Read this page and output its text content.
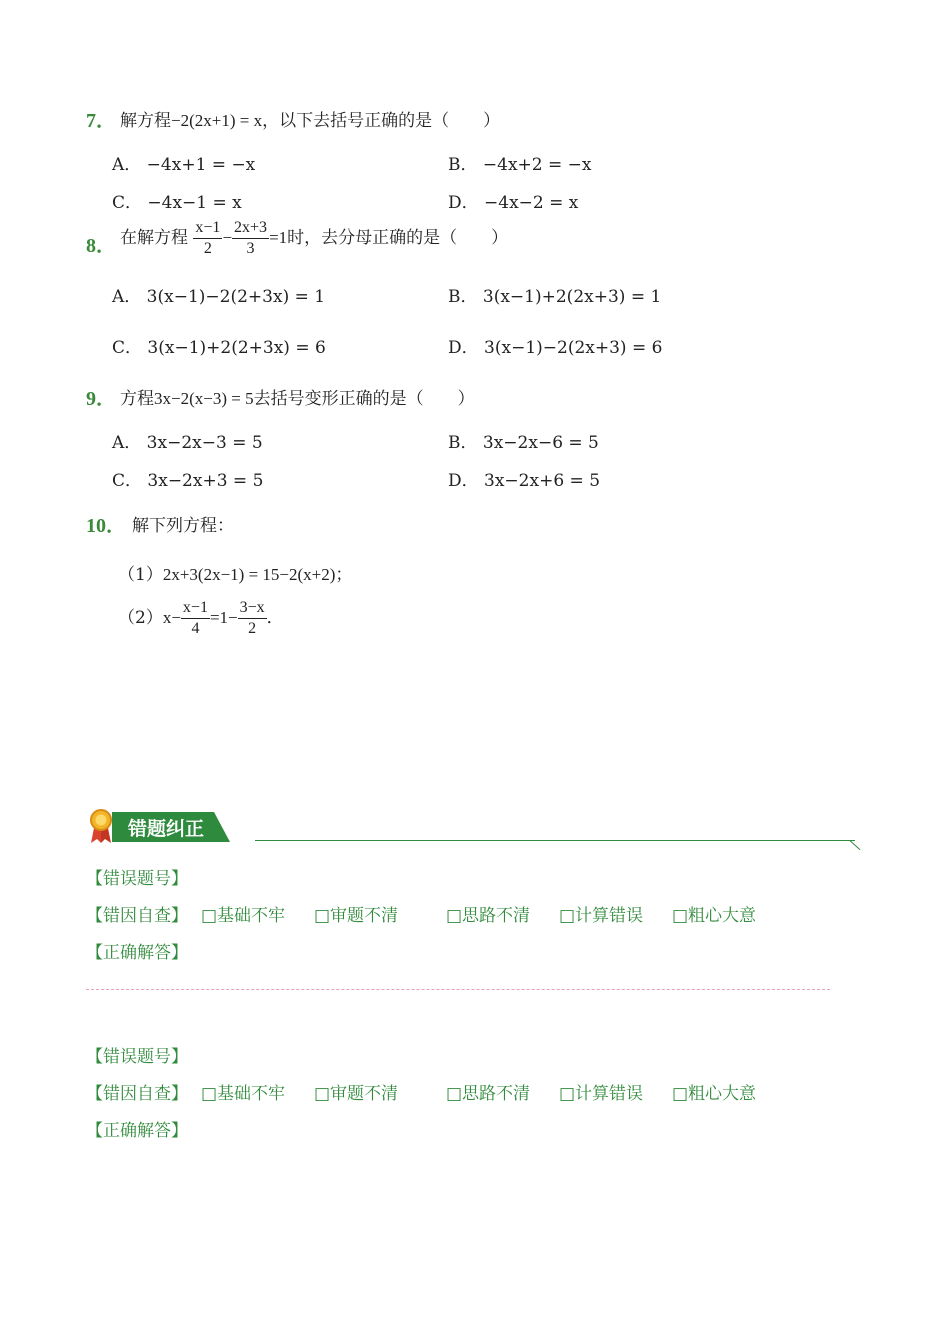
7． 解方程−2(2x+1) = x，以下去括号正确的是（　　）
A． −4x+1 = −x	B． −4x+2 = −x
C． −4x−1 = x	D． −4x−2 = x
8． 在解方程 $\frac{x-1}{2} - \frac{2x+3}{3} =1$时，去分母正确的是（　　）
A． 3(x−1)−2(2+3x) = 1	B． 3(x−1)+2(2x+3) = 1
C． 3(x−1)+2(2+3x) = 6	D． 3(x−1)−2(2x+3) = 6
9． 方程3x−2(x−3) = 5去括号变形正确的是（　　）
A． 3x−2x−3 = 5	B． 3x−2x−6 = 5
C． 3x−2x+3 = 5	D． 3x−2x+6 = 5
10． 解下列方程：
（1）2x+3(2x−1) = 15−2(x+2)；
$(2)x- \frac{x-1}{4} =1- \frac{3-x}{2}$ ．
错题纠正
【错误题号】
【错因自查】 □基础不牢 □审题不清	□思路不清 □计算错误 □粗心大意
【正确解答】
【错误题号】
【错因自查】 □基础不牢 □审题不清	□思路不清 □计算错误 □粗心大意
【正确解答】
